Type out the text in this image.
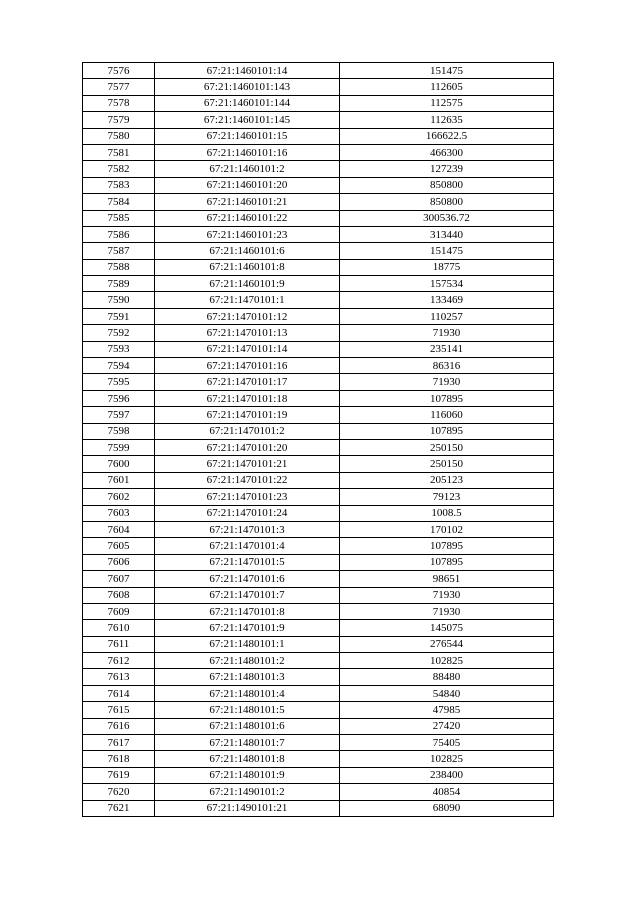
7576	67:21:1460101:14	151475
7577	67:21:1460101:143	112605
7578	67:21:1460101:144	112575
7579	67:21:1460101:145	112635
7580	67:21:1460101:15	166622.5
7581	67:21:1460101:16	466300
7582	67:21:1460101:2	127239
7583	67:21:1460101:20	850800
7584	67:21:1460101:21	850800
7585	67:21:1460101:22	300536.72
7586	67:21:1460101:23	313440
7587	67:21:1460101:6	151475
7588	67:21:1460101:8	18775
7589	67:21:1460101:9	157534
7590	67:21:1470101:1	133469
7591	67:21:1470101:12	110257
7592	67:21:1470101:13	71930
7593	67:21:1470101:14	235141
7594	67:21:1470101:16	86316
7595	67:21:1470101:17	71930
7596	67:21:1470101:18	107895
7597	67:21:1470101:19	116060
7598	67:21:1470101:2	107895
7599	67:21:1470101:20	250150
7600	67:21:1470101:21	250150
7601	67:21:1470101:22	205123
7602	67:21:1470101:23	79123
7603	67:21:1470101:24	1008.5
7604	67:21:1470101:3	170102
7605	67:21:1470101:4	107895
7606	67:21:1470101:5	107895
7607	67:21:1470101:6	98651
7608	67:21:1470101:7	71930
7609	67:21:1470101:8	71930
7610	67:21:1470101:9	145075
7611	67:21:1480101:1	276544
7612	67:21:1480101:2	102825
7613	67:21:1480101:3	88480
7614	67:21:1480101:4	54840
7615	67:21:1480101:5	47985
7616	67:21:1480101:6	27420
7617	67:21:1480101:7	75405
7618	67:21:1480101:8	102825
7619	67:21:1480101:9	238400
7620	67:21:1490101:2	40854
7621	67:21:1490101:21	68090
